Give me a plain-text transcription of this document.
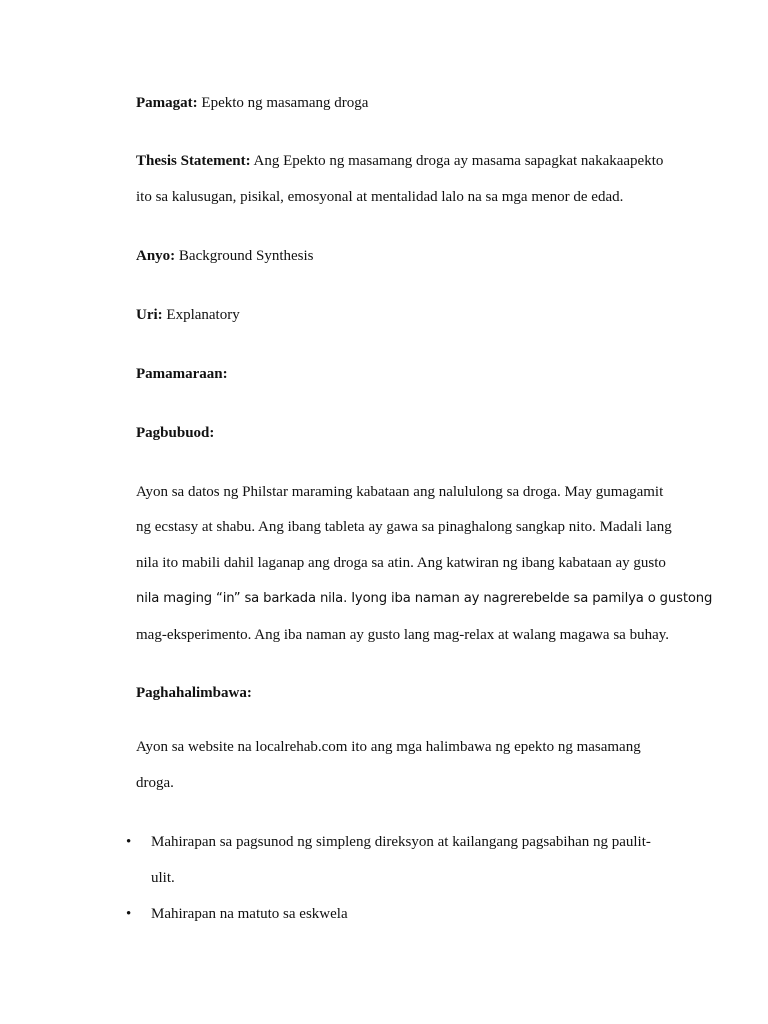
Pamagat: Epekto ng masamang droga
Thesis Statement: Ang Epekto ng masamang droga ay masama sapagkat nakakaapekto
ito sa kalusugan, pisikal, emosyonal at mentalidad lalo na sa mga menor de edad.
Anyo: Background Synthesis
Uri: Explanatory
Pamamaraan:
Pagbubuod:
Ayon sa datos ng Philstar maraming kabataan ang nalululong sa droga. May gumagamit
ng ecstasy at shabu. Ang ibang tableta ay gawa sa pinaghalong sangkap nito. Madali lang
nila ito mabili dahil laganap ang droga sa atin. Ang katwiran ng ibang kabataan ay gusto
nila maging “in” sa barkada nila. Iyong iba naman ay nagrerebelde sa pamilya o gustong
mag-eksperimento. Ang iba naman ay gusto lang mag-relax at walang magawa sa buhay.
Paghahalimbawa:
Ayon sa website na localrehab.com ito ang mga halimbawa ng epekto ng masamang
droga.
• Mahirapan sa pagsunod ng simpleng direksyon at kailangang pagsabihan ng paulit-
ulit.
• Mahirapan na matuto sa eskwela
